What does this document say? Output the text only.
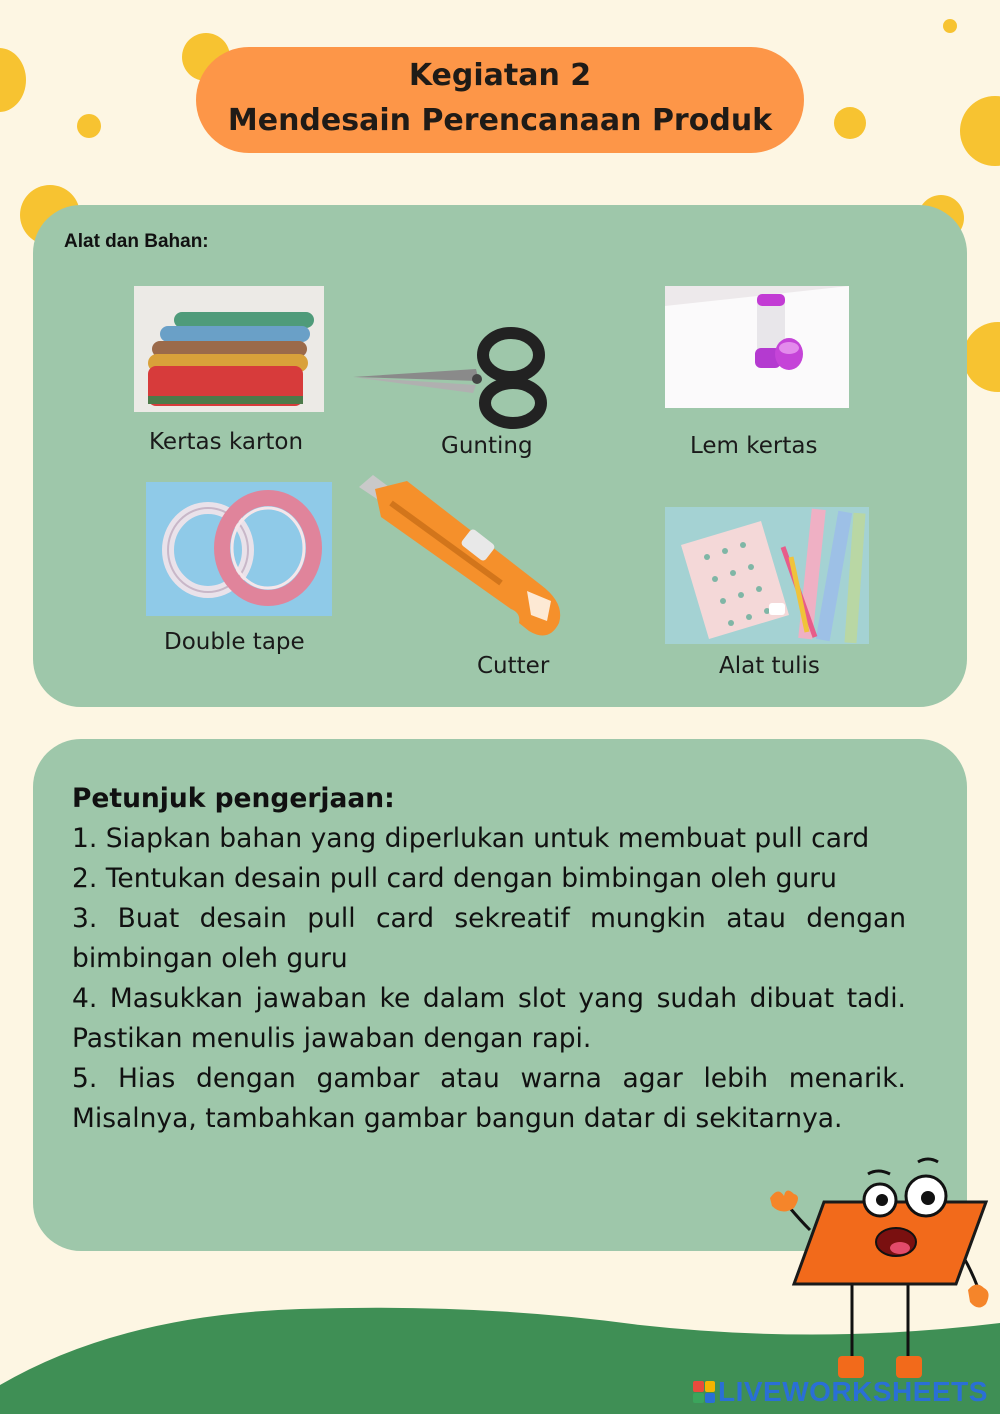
Kegiatan 2
Mendesain Perencanaan Produk
Alat dan Bahan:
Kertas karton	Gunting	Lem kertas
Double tape
Cutter	Alat tulis
Petunjuk pengerjaan:
1. Siapkan bahan yang diperlukan untuk membuat pull card
2. Tentukan desain pull card dengan bimbingan oleh guru
3. Buat desain pull card sekreatif mungkin atau dengan bimbingan oleh guru
4. Masukkan jawaban ke dalam slot yang sudah dibuat tadi. Pastikan menulis jawaban dengan rapi.
5. Hias dengan gambar atau warna agar lebih menarik. Misalnya, tambahkan gambar bangun datar di sekitarnya.
LIVEWORKSHEETS
